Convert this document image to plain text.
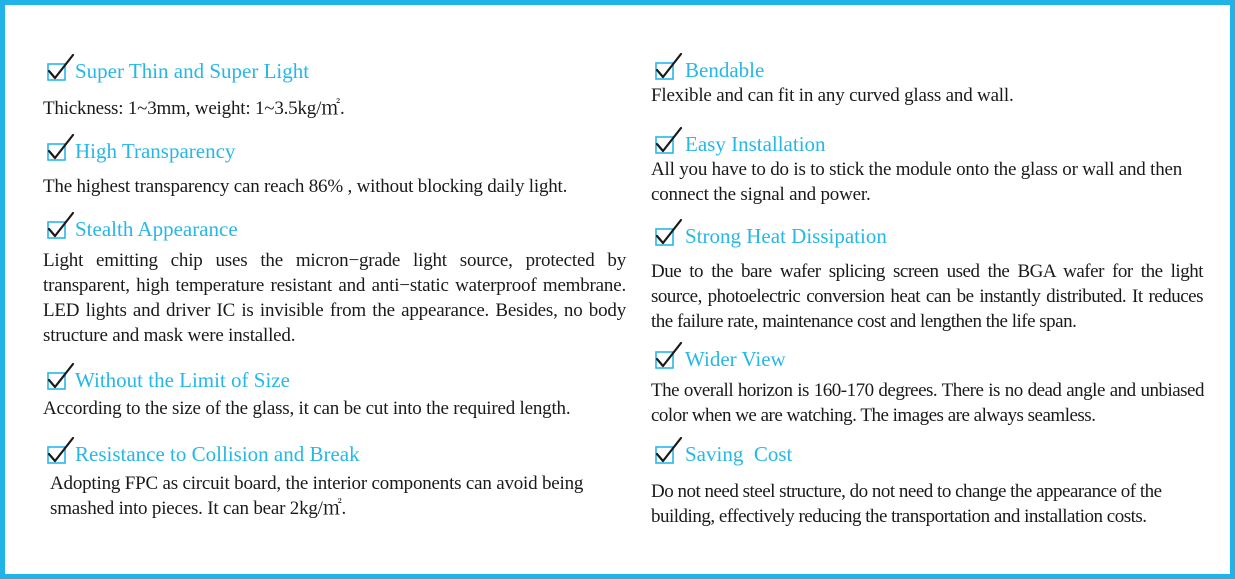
Super Thin and Super Light
Thickness: 1~3mm, weight: 1~3.5kg/㎡.
High Transparency
The highest transparency can reach 86% , without blocking daily light.
Stealth Appearance
Light emitting chip uses the micron−grade light source, protected by transparent, high temperature resistant and anti−static waterproof membrane. LED lights and driver IC is invisible from the appearance. Besides, no body structure and mask were installed.
Without the Limit of Size
According to the size of the glass, it can be cut into the required length.
Resistance to Collision and Break
Adopting FPC as circuit board, the interior components can avoid being smashed into pieces. It can bear 2kg/㎡.
Bendable
Flexible and can fit in any curved glass and wall.
Easy Installation
All you have to do is to stick the module onto the glass or wall and then connect the signal and power.
Strong Heat Dissipation
Due to the bare wafer splicing screen used the BGA wafer for the light source, photoelectric conversion heat can be instantly distributed. It reduces the failure rate, maintenance cost and lengthen the life span.
Wider View
The overall horizon is 160-170 degrees. There is no dead angle and unbiased color when we are watching. The images are always seamless.
Saving  Cost
Do not need steel structure, do not need to change the appearance of the building, effectively reducing the transportation and installation costs.
